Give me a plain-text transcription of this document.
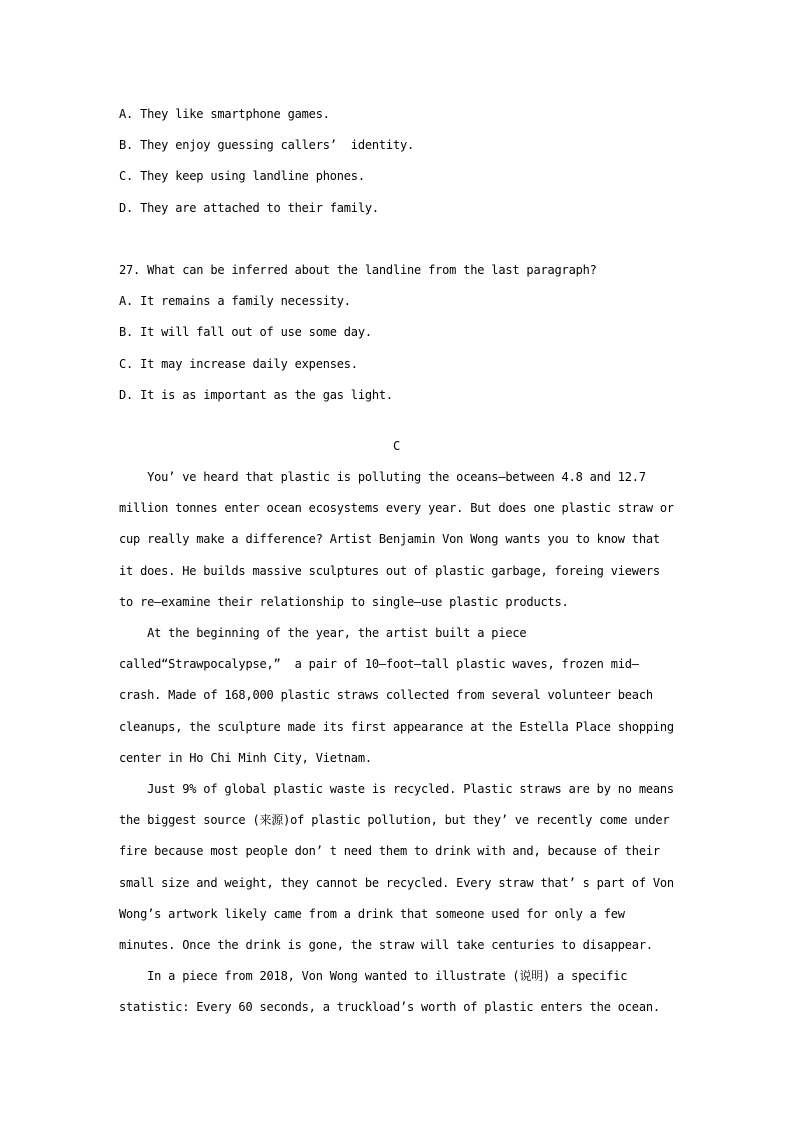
A. They like smartphone games.
B. They enjoy guessing callers’  identity.
C. They keep using landline phones.
D. They are attached to their family.
27. What can be inferred about the landline from the last paragraph?
A. It remains a family necessity.
B. It will fall out of use some day.
C. It may increase daily expenses.
D. It is as important as the gas light.
C
You’ ve heard that plastic is polluting the oceans—between 4.8 and 12.7
million tonnes enter ocean ecosystems every year. But does one plastic straw or
cup really make a difference? Artist Benjamin Von Wong wants you to know that
it does. He builds massive sculptures out of plastic garbage, foreing viewers
to re—examine their relationship to single—use plastic products.
At the beginning of the year, the artist built a piece
called“Strawpocalypse,”  a pair of 10—foot—tall plastic waves, frozen mid—
crash. Made of 168,000 plastic straws collected from several volunteer beach
cleanups, the sculpture made its first appearance at the Estella Place shopping
center in Ho Chi Minh City, Vietnam.
Just 9% of global plastic waste is recycled. Plastic straws are by no means
the biggest source (来源)of plastic pollution, but they’ ve recently come under
fire because most people don’ t need them to drink with and, because of their
small size and weight, they cannot be recycled. Every straw that’ s part of Von
Wong’s artwork likely came from a drink that someone used for only a few
minutes. Once the drink is gone, the straw will take centuries to disappear.
In a piece from 2018, Von Wong wanted to illustrate (说明) a specific
statistic: Every 60 seconds, a truckload’s worth of plastic enters the ocean.
